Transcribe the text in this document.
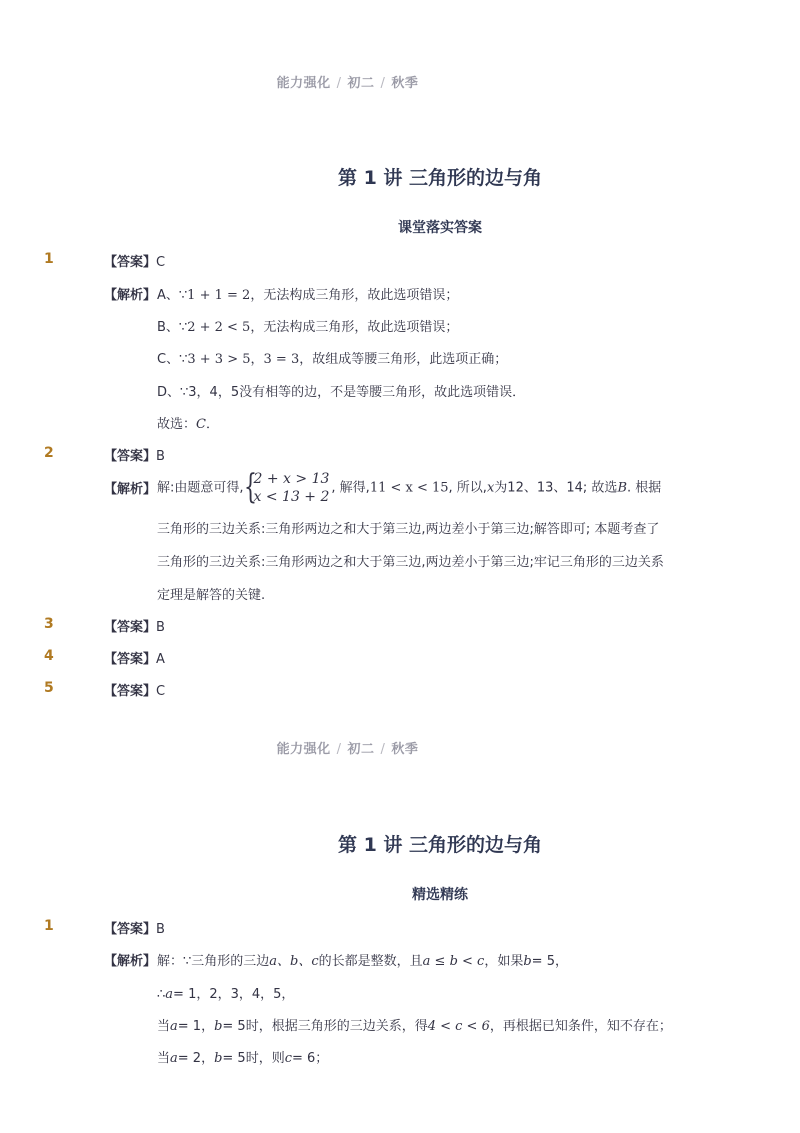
能力强化 / 初二 / 秋季
第 1 讲 三角形的边与角
课堂落实答案
1	【答案】C
【解析】 A、∵1 + 1 = 2，无法构成三角形，故此选项错误；
B、∵2 + 2 < 5，无法构成三角形，故此选项错误；
C、∵3 + 3 > 5，3 = 3，故组成等腰三角形，此选项正确；
D、∵3，4，5没有相等的边，不是等腰三角形，故此选项错误．
故选：C．
2	【答案】B
【解析】 解:由题意可得, {
2 + x > 13
x < 13 + 2
, 解得,11 < x < 15, 所以,x为12、13、14; 故选B. 根据
三角形的三边关系:三角形两边之和大于第三边,两边差小于第三边;解答即可; 本题考查了
三角形的三边关系:三角形两边之和大于第三边,两边差小于第三边;牢记三角形的三边关系
定理是解答的关键.
3	【答案】B
4	【答案】A
5	【答案】C
能力强化 / 初二 / 秋季
第 1 讲 三角形的边与角
精选精练
1	【答案】B
【解析】 解：∵三角形的三边a、b、c的长都是整数，且a ≤ b < c，如果b= 5，
∴a= 1，2，3，4，5，
当a= 1，b= 5时，根据三角形的三边关系，得4 < c < 6，再根据已知条件，知不存在；
当a= 2，b= 5时，则c= 6；
